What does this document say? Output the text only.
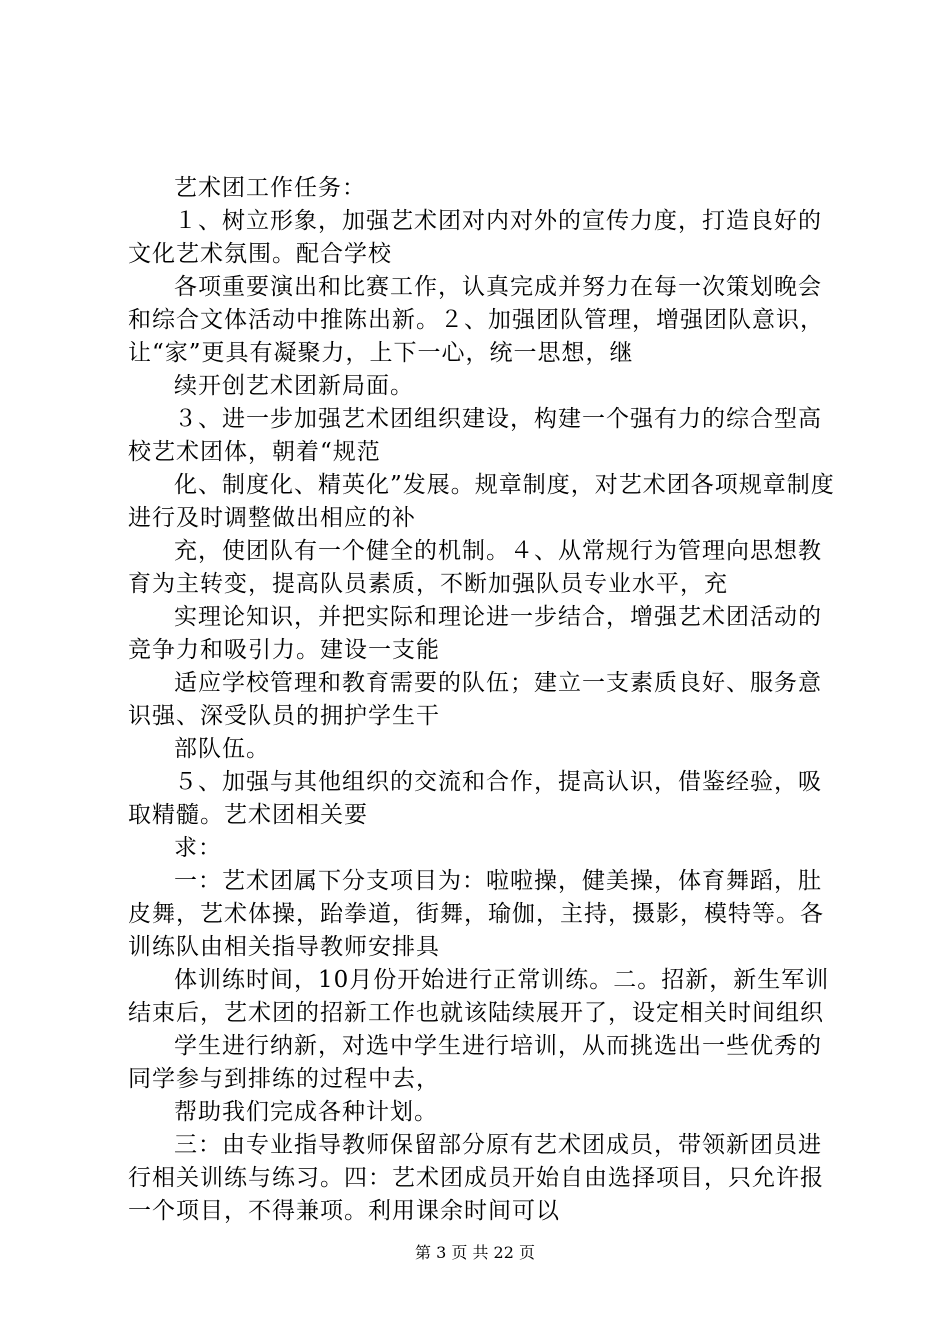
艺术团工作任务：

１、树立形象，加强艺术团对内对外的宣传力度，打造良好的文化艺术氛围。配合学校

各项重要演出和比赛工作，认真完成并努力在每一次策划晚会和综合文体活动中推陈出新。２、加强团队管理，增强团队意识，让“家”更具有凝聚力，上下一心，统一思想，继

续开创艺术团新局面。

３、进一步加强艺术团组织建设，构建一个强有力的综合型高校艺术团体，朝着“规范

化、制度化、精英化”发展。规章制度，对艺术团各项规章制度进行及时调整做出相应的补

充，使团队有一个健全的机制。４、从常规行为管理向思想教育为主转变，提高队员素质，不断加强队员专业水平，充

实理论知识，并把实际和理论进一步结合，增强艺术团活动的竞争力和吸引力。建设一支能

适应学校管理和教育需要的队伍；建立一支素质良好、服务意识强、深受队员的拥护学生干

部队伍。

５、加强与其他组织的交流和合作，提高认识，借鉴经验，吸取精髓。艺术团相关要

求：

一：艺术团属下分支项目为：啦啦操，健美操，体育舞蹈，肚皮舞，艺术体操，跆拳道，街舞，瑜伽，主持，摄影，模特等。各训练队由相关指导教师安排具

体训练时间，10月份开始进行正常训练。二。招新，新生军训结束后，艺术团的招新工作也就该陆续展开了，设定相关时间组织

学生进行纳新，对选中学生进行培训，从而挑选出一些优秀的同学参与到排练的过程中去，

帮助我们完成各种计划。

三：由专业指导教师保留部分原有艺术团成员，带领新团员进行相关训练与练习。四：艺术团成员开始自由选择项目，只允许报一个项目，不得兼项。利用课余时间可以

第 3 页 共 22 页
